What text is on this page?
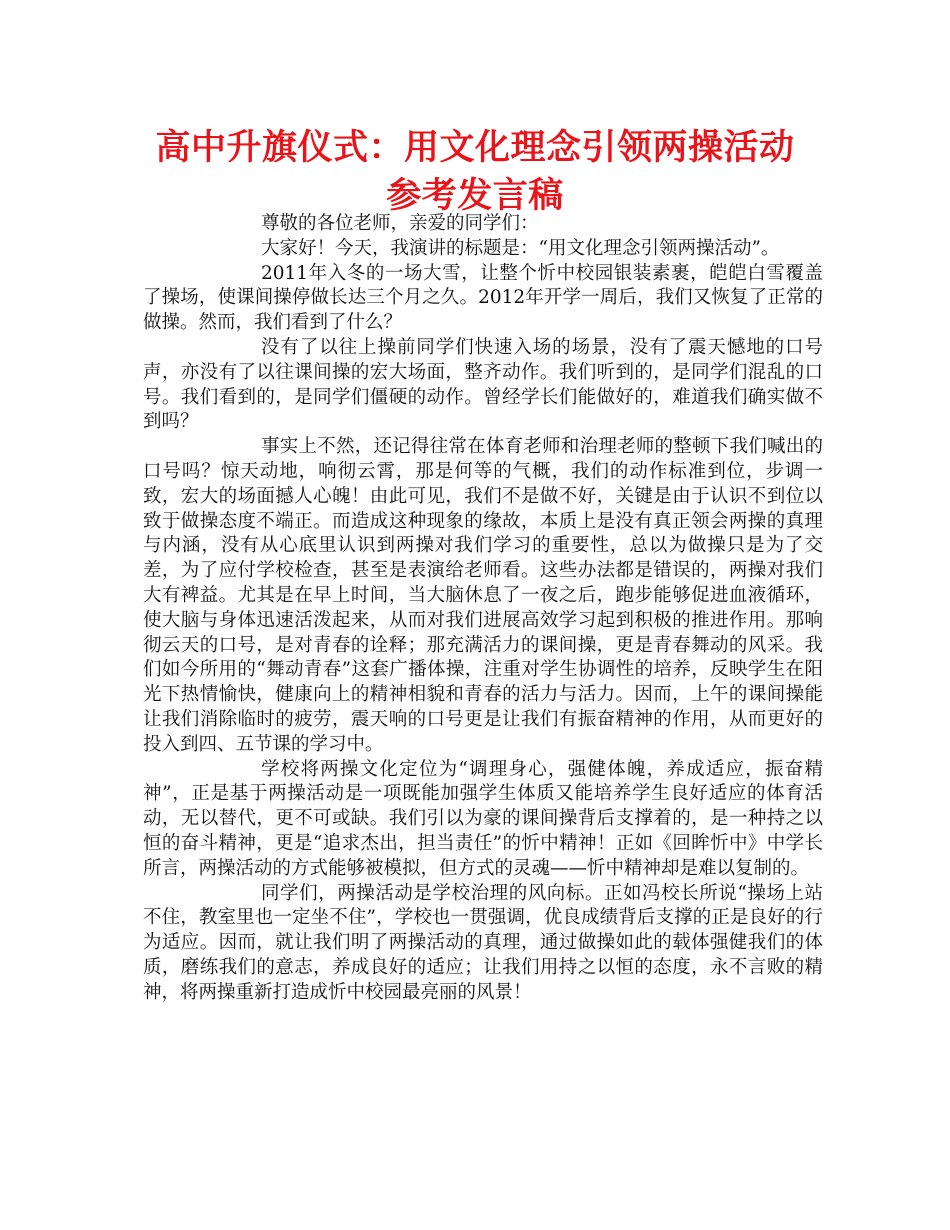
高中升旗仪式：用文化理念引领两操活动
参考发言稿

尊敬的各位老师，亲爱的同学们：

大家好！今天，我演讲的标题是：“用文化理念引领两操活动”。

2011年入冬的一场大雪，让整个忻中校园银装素裹，皑皑白雪覆盖了操场，使课间操停做长达三个月之久。2012年开学一周后，我们又恢复了正常的做操。然而，我们看到了什么？

没有了以往上操前同学们快速入场的场景，没有了震天憾地的口号声，亦没有了以往课间操的宏大场面，整齐动作。我们听到的，是同学们混乱的口号。我们看到的，是同学们僵硬的动作。曾经学长们能做好的，难道我们确实做不到吗？

事实上不然，还记得往常在体育老师和治理老师的整顿下我们喊出的口号吗？惊天动地，响彻云霄，那是何等的气概，我们的动作标准到位，步调一致，宏大的场面撼人心魄！由此可见，我们不是做不好，关键是由于认识不到位以致于做操态度不端正。而造成这种现象的缘故，本质上是没有真正领会两操的真理与内涵，没有从心底里认识到两操对我们学习的重要性，总以为做操只是为了交差，为了应付学校检查，甚至是表演给老师看。这些办法都是错误的，两操对我们大有裨益。尤其是在早上时间，当大脑休息了一夜之后，跑步能够促进血液循环，使大脑与身体迅速活泼起来，从而对我们进展高效学习起到积极的推进作用。那响彻云天的口号，是对青春的诠释；那充满活力的课间操，更是青春舞动的风采。我们如今所用的“舞动青春”这套广播体操，注重对学生协调性的培养，反映学生在阳光下热情愉快，健康向上的精神相貌和青春的活力与活力。因而，上午的课间操能让我们消除临时的疲劳，震天响的口号更是让我们有振奋精神的作用，从而更好的投入到四、五节课的学习中。

学校将两操文化定位为“调理身心，强健体魄，养成适应，振奋精神”，正是基于两操活动是一项既能加强学生体质又能培养学生良好适应的体育活动，无以替代，更不可或缺。我们引以为豪的课间操背后支撑着的，是一种持之以恒的奋斗精神，更是“追求杰出，担当责任”的忻中精神！正如《回眸忻中》中学长所言，两操活动的方式能够被模拟，但方式的灵魂——忻中精神却是难以复制的。

同学们，两操活动是学校治理的风向标。正如冯校长所说“操场上站不住，教室里也一定坐不住”，学校也一贯强调，优良成绩背后支撑的正是良好的行为适应。因而，就让我们明了两操活动的真理，通过做操如此的载体强健我们的体质，磨练我们的意志，养成良好的适应；让我们用持之以恒的态度，永不言败的精神，将两操重新打造成忻中校园最亮丽的风景！
